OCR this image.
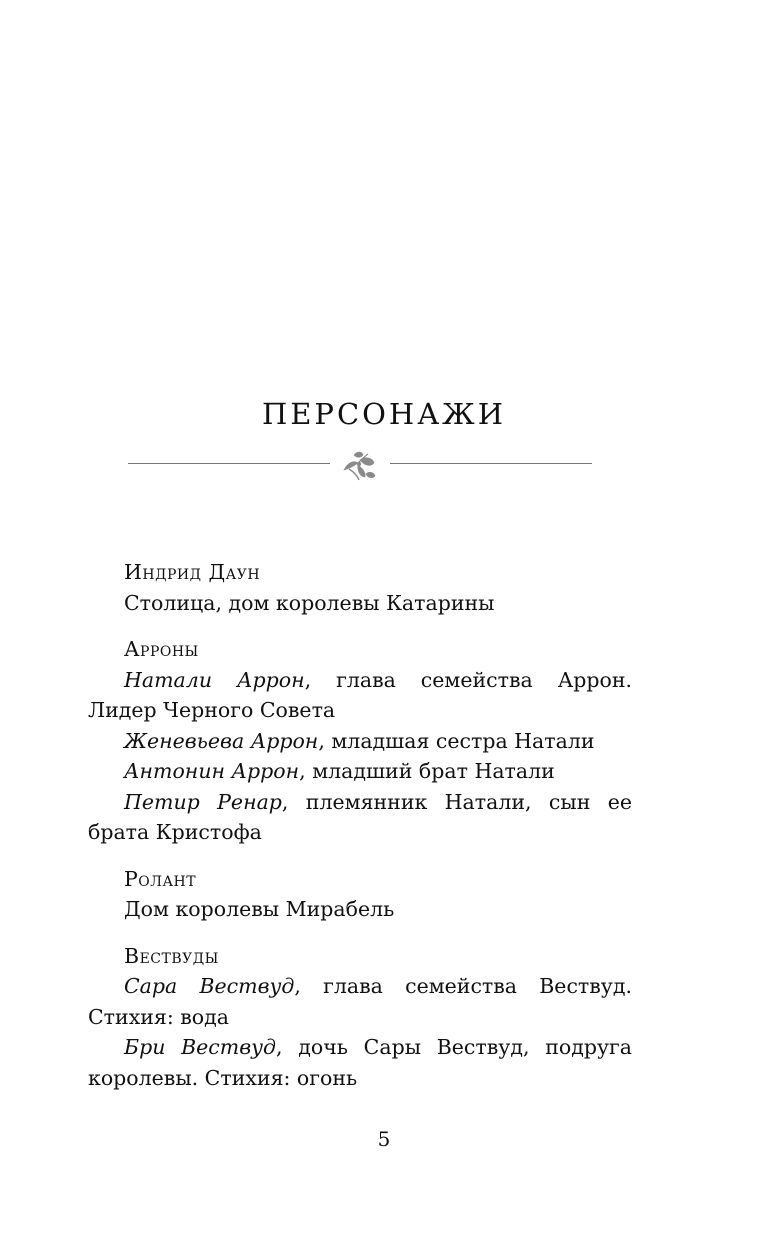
ПЕРСОНАЖИ

Индрид Даун

Столица, дом королевы Катарины

Арроны

Натали Аррон, глава семейства Аррон. Лидер Черного Совета

Женевьева Аррон, младшая сестра Натали

Антонин Аррон, младший брат Натали

Петир Ренар, племянник Натали, сын ее брата Кристофа

Ролант

Дом королевы Мирабель

Вествуды

Сара Вествуд, глава семейства Вествуд. Стихия: вода

Бри Вествуд, дочь Сары Вествуд, подруга королевы. Стихия: огонь

5
